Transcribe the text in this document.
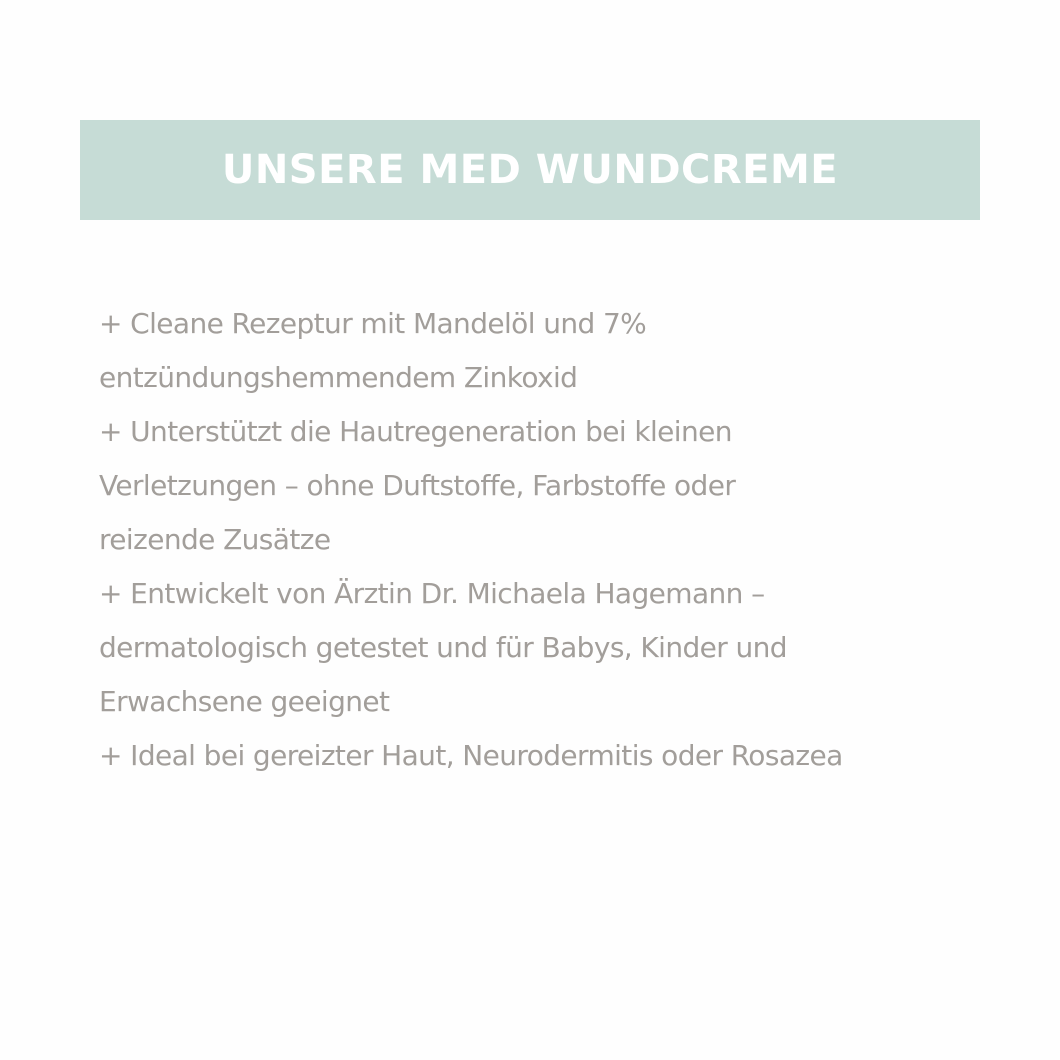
UNSERE MED WUNDCREME
+ Cleane Rezeptur mit Mandelöl und 7%
entzündungshemmendem Zinkoxid
+ Unterstützt die Hautregeneration bei kleinen
Verletzungen – ohne Duftstoffe, Farbstoffe oder
reizende Zusätze
+ Entwickelt von Ärztin Dr. Michaela Hagemann –
dermatologisch getestet und für Babys, Kinder und
Erwachsene geeignet
+ Ideal bei gereizter Haut, Neurodermitis oder Rosazea
